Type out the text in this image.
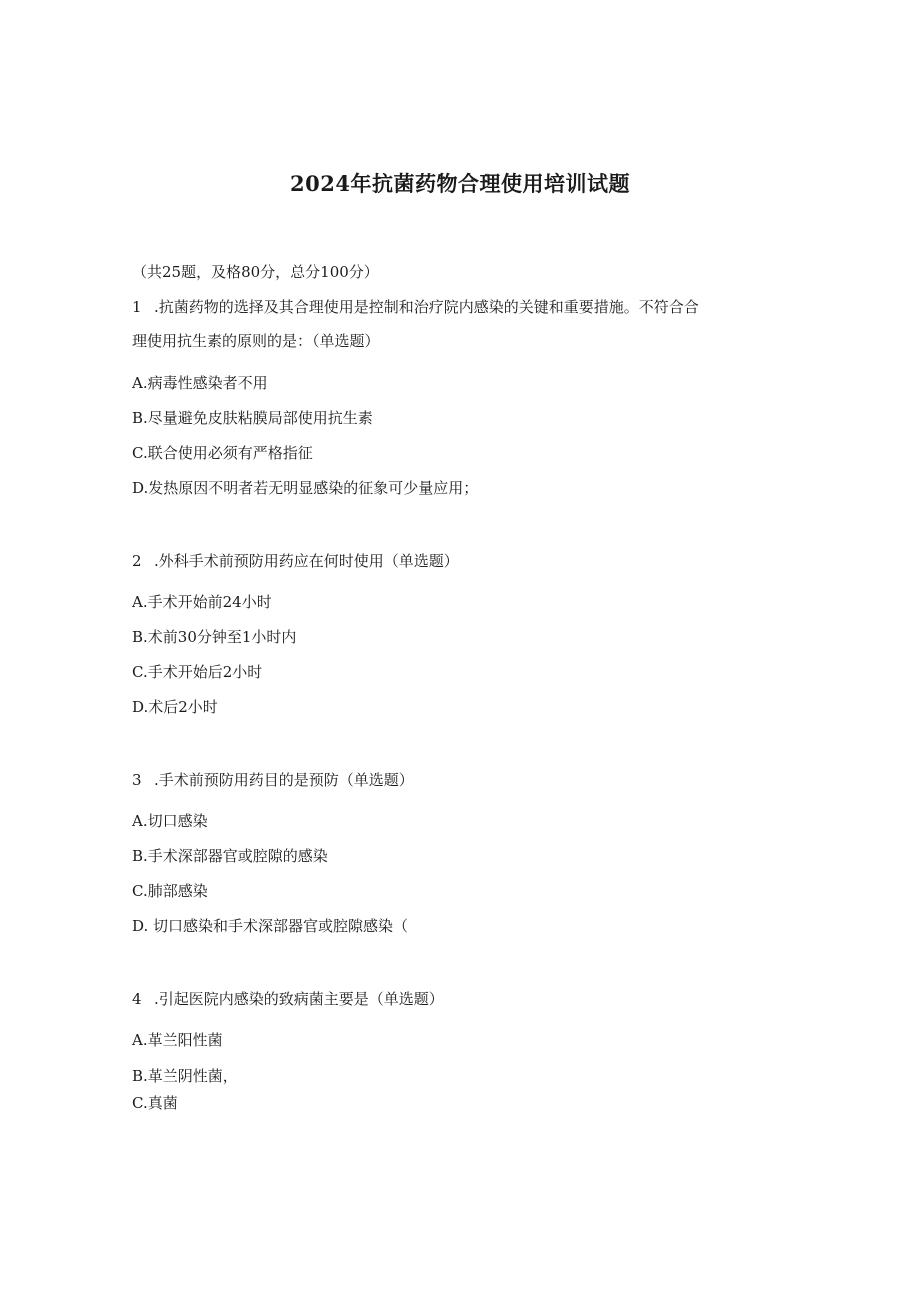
2024年抗菌药物合理使用培训试题
（共25题，及格80分，总分100分）
1 .抗菌药物的选择及其合理使用是控制和治疗院内感染的关键和重要措施。不符合合
理使用抗生素的原则的是：（单选题）
A.病毒性感染者不用
B.尽量避免皮肤粘膜局部使用抗生素
C.联合使用必须有严格指征
D.发热原因不明者若无明显感染的征象可少量应用；
2 .外科手术前预防用药应在何时使用（单选题）
A.手术开始前24小时
B.术前30分钟至1小时内
C.手术开始后2小时
D.术后2小时
3 .手术前预防用药目的是预防（单选题）
A.切口感染
B.手术深部器官或腔隙的感染
C.肺部感染
D. 切口感染和手术深部器官或腔隙感染（
4 .引起医院内感染的致病菌主要是（单选题）
A.革兰阳性菌
B.革兰阴性菌，
C.真菌
